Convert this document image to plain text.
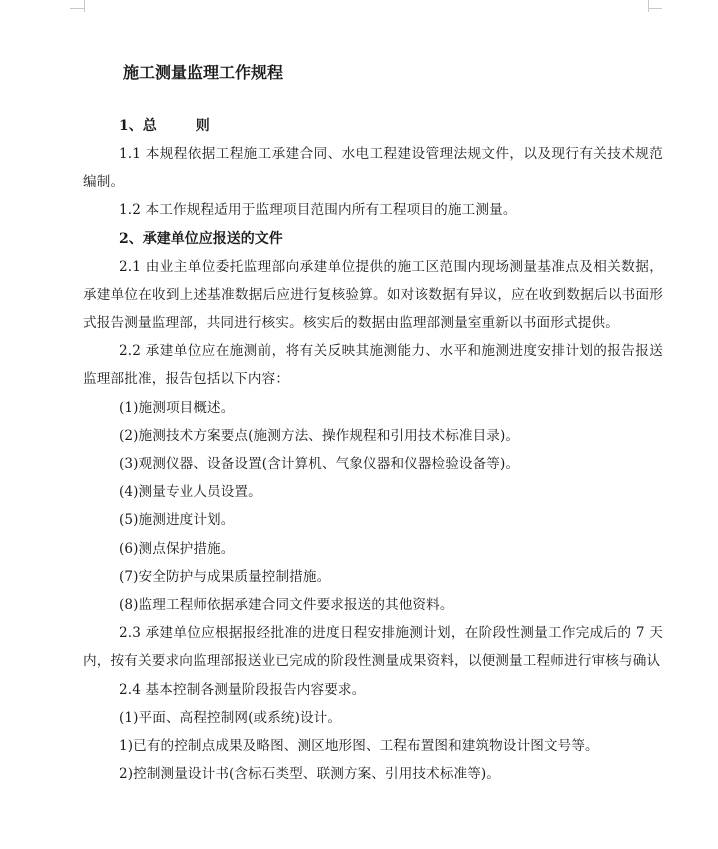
施工测量监理工作规程
1、总        则
1.1 本规程依据工程施工承建合同、水电工程建设管理法规文件，以及现行有关技术规范编制。
1.2 本工作规程适用于监理项目范围内所有工程项目的施工测量。
2、承建单位应报送的文件
2.1 由业主单位委托监理部向承建单位提供的施工区范围内现场测量基准点及相关数据，承建单位在收到上述基准数据后应进行复核验算。如对该数据有异议，应在收到数据后以书面形式报告测量监理部，共同进行核实。核实后的数据由监理部测量室重新以书面形式提供。
2.2 承建单位应在施测前，将有关反映其施测能力、水平和施测进度安排计划的报告报送监理部批准，报告包括以下内容：
(1)施测项目概述。
(2)施测技术方案要点(施测方法、操作规程和引用技术标准目录)。
(3)观测仪器、设备设置(含计算机、气象仪器和仪器检验设备等)。
(4)测量专业人员设置。
(5)施测进度计划。
(6)测点保护措施。
(7)安全防护与成果质量控制措施。
(8)监理工程师依据承建合同文件要求报送的其他资料。
2.3 承建单位应根据报经批准的进度日程安排施测计划，在阶段性测量工作完成后的 7 天内，按有关要求向监理部报送业已完成的阶段性测量成果资料，以便测量工程师进行审核与确认
2.4 基本控制各测量阶段报告内容要求。
(1)平面、高程控制网(或系统)设计。
1)已有的控制点成果及略图、测区地形图、工程布置图和建筑物设计图文号等。
2)控制测量设计书(含标石类型、联测方案、引用技术标准等)。
